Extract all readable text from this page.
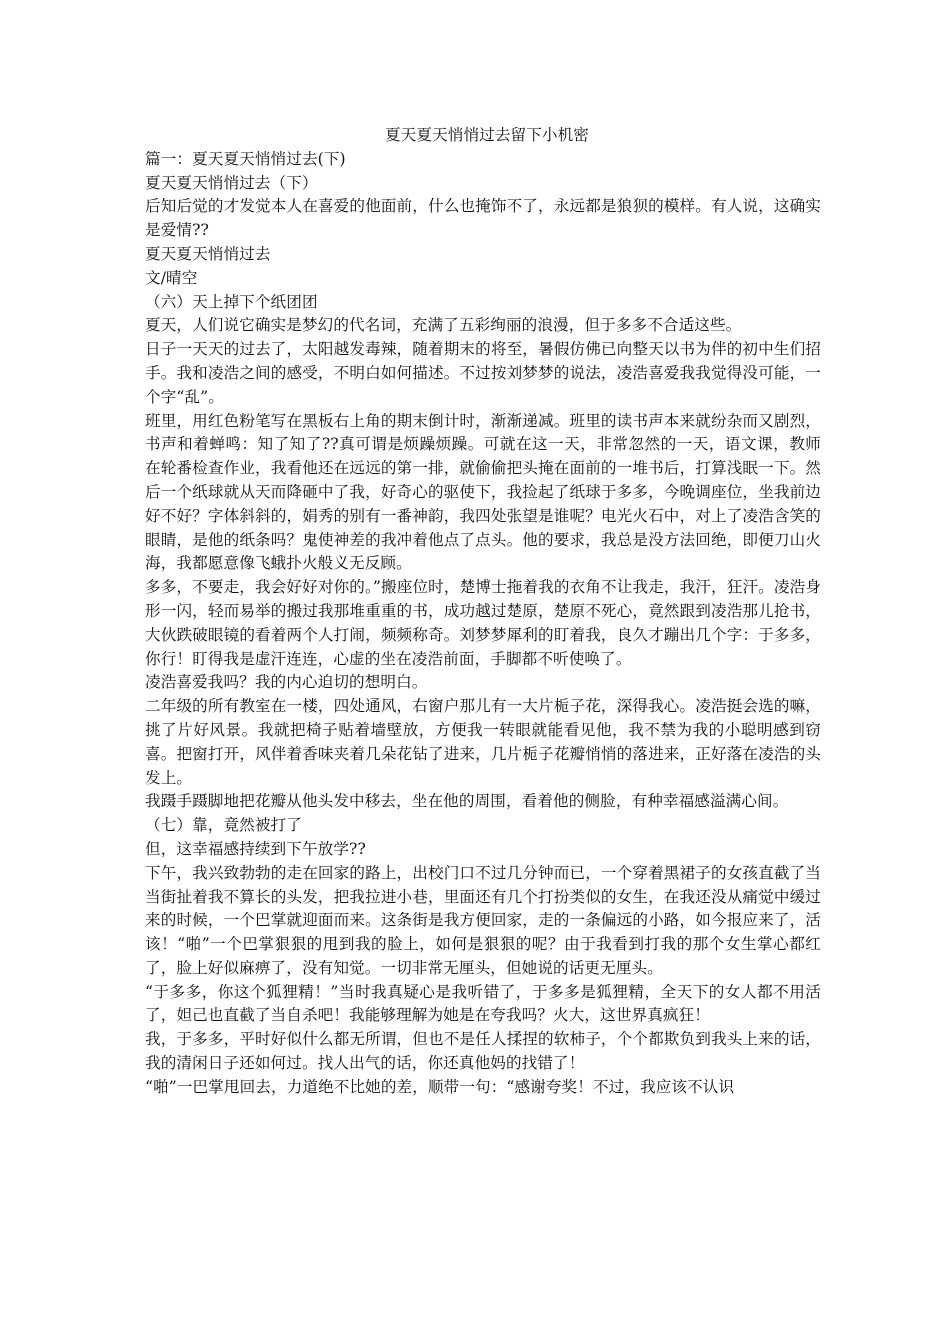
夏天夏天悄悄过去留下小机密
篇一：夏天夏天悄悄过去(下)
夏天夏天悄悄过去（下）
后知后觉的才发觉本人在喜爱的他面前，什么也掩饰不了，永远都是狼狈的模样。有人说，这确实是爱情??
夏天夏天悄悄过去
文/晴空
（六）天上掉下个纸团团
夏天，人们说它确实是梦幻的代名词，充满了五彩绚丽的浪漫，但于多多不合适这些。
日子一天天的过去了，太阳越发毒辣，随着期末的将至，暑假仿佛已向整天以书为伴的初中生们招手。我和凌浩之间的感受，不明白如何描述。不过按刘梦梦的说法，凌浩喜爱我我觉得没可能，一个字“乱”。
班里，用红色粉笔写在黑板右上角的期末倒计时，渐渐递减。班里的读书声本来就纷杂而又剧烈，书声和着蝉鸣：知了知了??真可谓是烦躁烦躁。可就在这一天，非常忽然的一天，语文课，教师在轮番检查作业，我看他还在远远的第一排，就偷偷把头掩在面前的一堆书后，打算浅眠一下。然后一个纸球就从天而降砸中了我，好奇心的驱使下，我捡起了纸球于多多，今晚调座位，坐我前边好不好？字体斜斜的，娟秀的别有一番神韵，我四处张望是谁呢？电光火石中，对上了凌浩含笑的眼睛，是他的纸条吗？鬼使神差的我冲着他点了点头。他的要求，我总是没方法回绝，即便刀山火海，我都愿意像飞蛾扑火般义无反顾。
多多，不要走，我会好好对你的。”搬座位时，楚博士拖着我的衣角不让我走，我汗，狂汗。凌浩身形一闪，轻而易举的搬过我那堆重重的书，成功越过楚原，楚原不死心，竟然跟到凌浩那儿抢书，大伙跌破眼镜的看着两个人打闹，频频称奇。刘梦梦犀利的盯着我，良久才蹦出几个字：于多多，你行！盯得我是虚汗连连，心虚的坐在凌浩前面，手脚都不听使唤了。
凌浩喜爱我吗？我的内心迫切的想明白。
二年级的所有教室在一楼，四处通风，右窗户那儿有一大片栀子花，深得我心。凌浩挺会选的嘛，挑了片好风景。我就把椅子贴着墙壁放，方便我一转眼就能看见他，我不禁为我的小聪明感到窃喜。把窗打开，风伴着香味夹着几朵花钻了进来，几片栀子花瓣悄悄的落进来，正好落在凌浩的头发上。
我蹑手蹑脚地把花瓣从他头发中移去，坐在他的周围，看着他的侧脸，有种幸福感溢满心间。
（七）靠，竟然被打了
但，这幸福感持续到下午放学??
下午，我兴致勃勃的走在回家的路上，出校门口不过几分钟而已，一个穿着黑裙子的女孩直截了当当街扯着我不算长的头发，把我拉进小巷，里面还有几个打扮类似的女生，在我还没从痛觉中缓过来的时候，一个巴掌就迎面而来。这条街是我方便回家，走的一条偏远的小路，如今报应来了，活该！“啪”一个巴掌狠狠的甩到我的脸上，如何是狠狠的呢？由于我看到打我的那个女生掌心都红了，脸上好似麻痹了，没有知觉。一切非常无厘头，但她说的话更无厘头。
“于多多，你这个狐狸精！”当时我真疑心是我听错了，于多多是狐狸精，全天下的女人都不用活了，妲己也直截了当自杀吧！我能够理解为她是在夸我吗？火大，这世界真疯狂！
我，于多多，平时好似什么都无所谓，但也不是任人揉捏的软柿子，个个都欺负到我头上来的话，我的清闲日子还如何过。找人出气的话，你还真他妈的找错了！
“啪”一巴掌甩回去，力道绝不比她的差，顺带一句：“感谢夸奖！不过，我应该不认识
